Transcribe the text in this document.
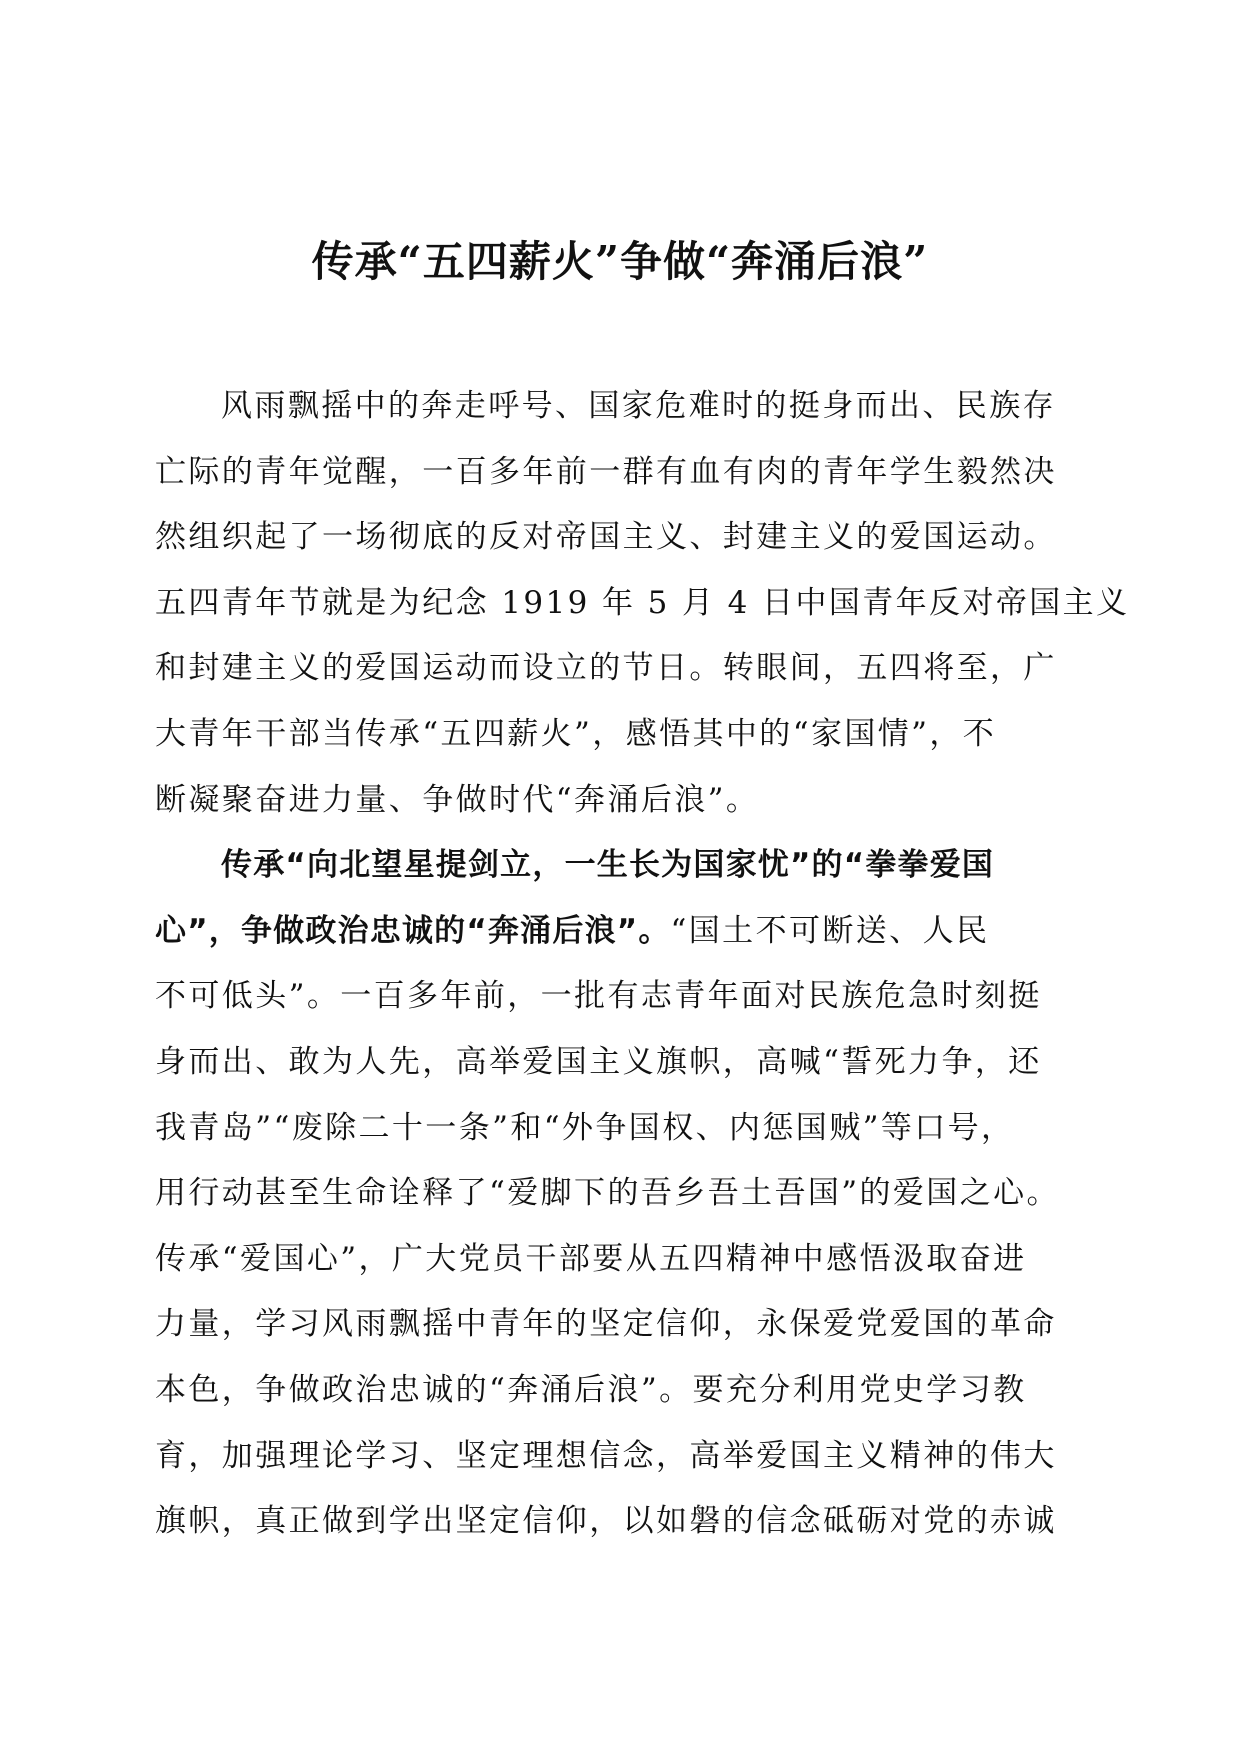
传承“五四薪火”争做“奔涌后浪”
风雨飘摇中的奔走呼号、国家危难时的挺身而出、民族存
亡际的青年觉醒，一百多年前一群有血有肉的青年学生毅然决
然组织起了一场彻底的反对帝国主义、封建主义的爱国运动。
五四青年节就是为纪念 1919 年 5 月 4 日中国青年反对帝国主义
和封建主义的爱国运动而设立的节日。转眼间，五四将至，广
大青年干部当传承“五四薪火”，感悟其中的“家国情”，不
断凝聚奋进力量、争做时代“奔涌后浪”。
传承“向北望星提剑立，一生长为国家忧”的“拳拳爱国
心”，争做政治忠诚的“奔涌后浪”。“国土不可断送、人民
不可低头”。一百多年前，一批有志青年面对民族危急时刻挺
身而出、敢为人先，高举爱国主义旗帜，高喊“誓死力争，还
我青岛”“废除二十一条”和“外争国权、内惩国贼”等口号，
用行动甚至生命诠释了“爱脚下的吾乡吾土吾国”的爱国之心。
传承“爱国心”，广大党员干部要从五四精神中感悟汲取奋进
力量，学习风雨飘摇中青年的坚定信仰，永保爱党爱国的革命
本色，争做政治忠诚的“奔涌后浪”。要充分利用党史学习教
育，加强理论学习、坚定理想信念，高举爱国主义精神的伟大
旗帜，真正做到学出坚定信仰，以如磐的信念砥砺对党的赤诚
